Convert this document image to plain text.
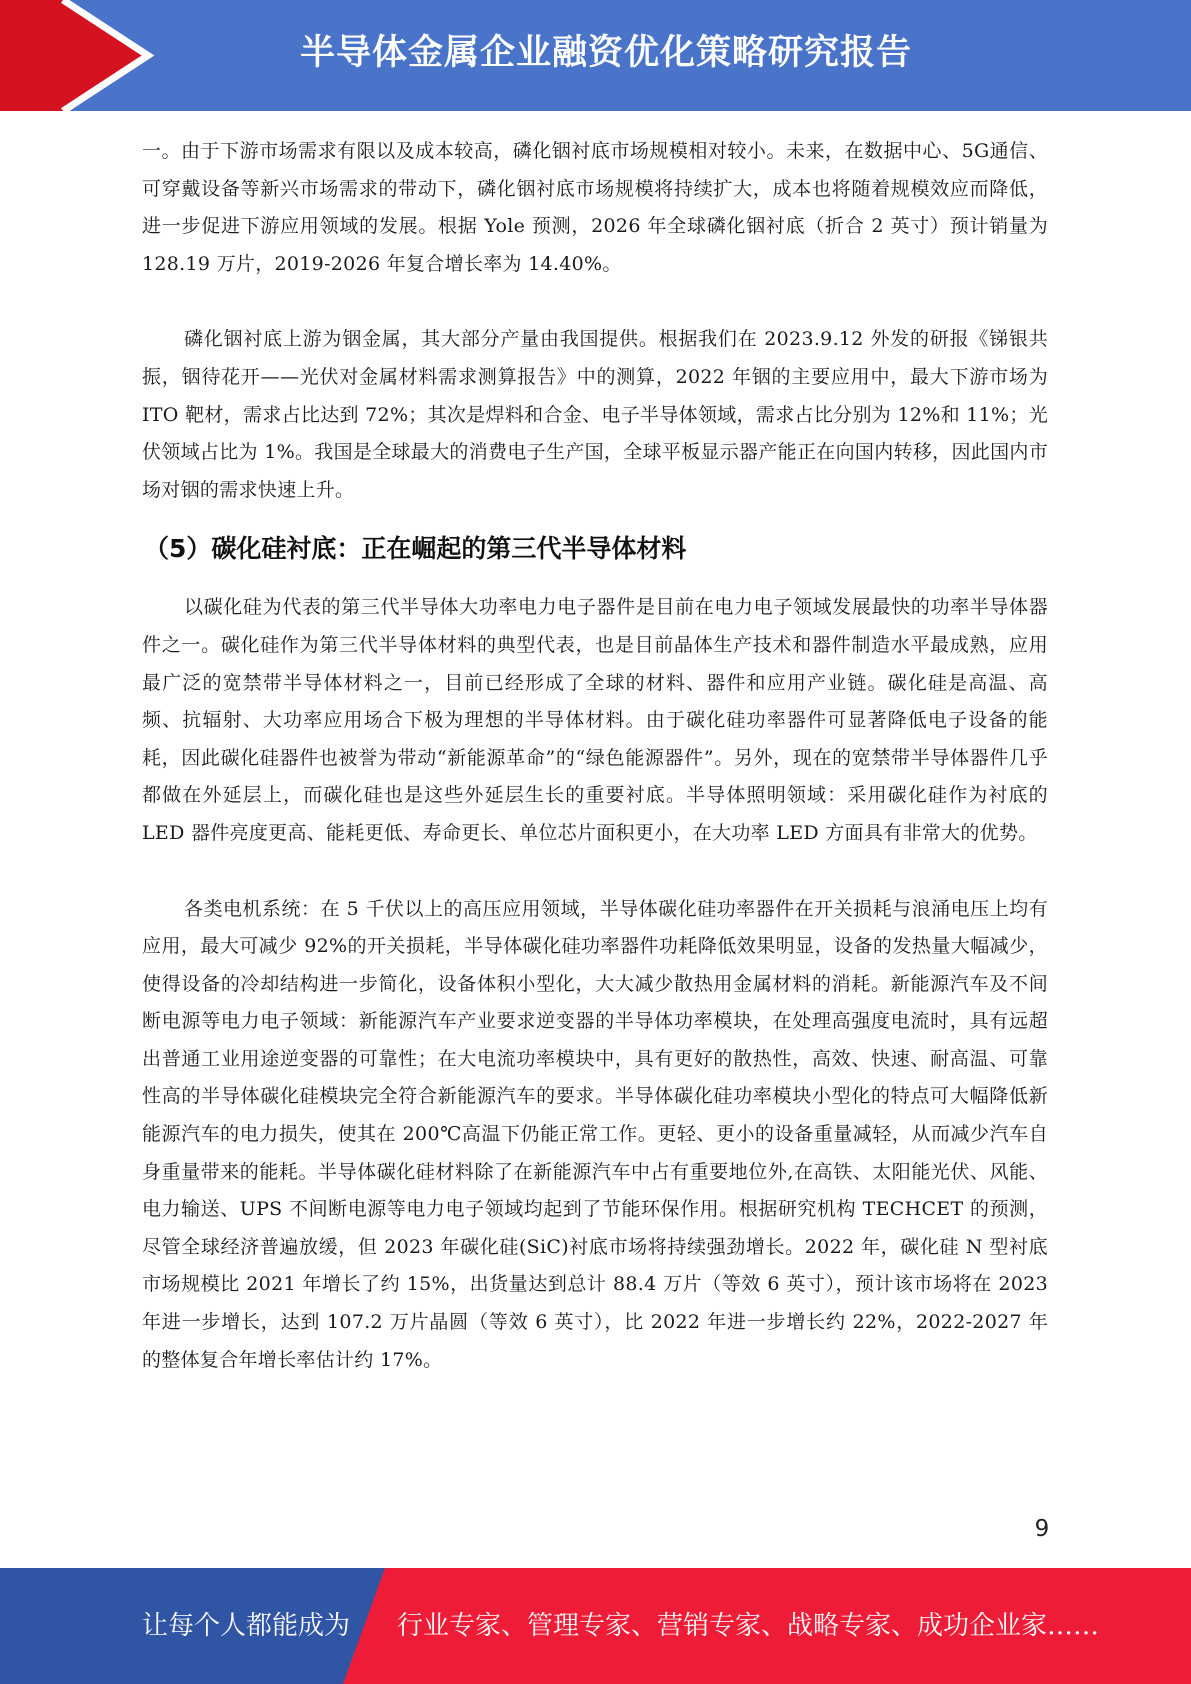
半导体金属企业融资优化策略研究报告

一。由于下游市场需求有限以及成本较高，磷化铟衬底市场规模相对较小。未来，在数据中心、5G通信、可穿戴设备等新兴市场需求的带动下，磷化铟衬底市场规模将持续扩大，成本也将随着规模效应而降低，进一步促进下游应用领域的发展。根据 Yole 预测，2026 年全球磷化铟衬底（折合 2 英寸）预计销量为 128.19 万片，2019-2026 年复合增长率为 14.40%。

磷化铟衬底上游为铟金属，其大部分产量由我国提供。根据我们在 2023.9.12 外发的研报《锑银共振，铟待花开——光伏对金属材料需求测算报告》中的测算，2022 年铟的主要应用中，最大下游市场为 ITO 靶材，需求占比达到 72%；其次是焊料和合金、电子半导体领域，需求占比分别为 12%和 11%；光伏领域占比为 1%。我国是全球最大的消费电子生产国，全球平板显示器产能正在向国内转移，因此国内市场对铟的需求快速上升。

（5）碳化硅衬底：正在崛起的第三代半导体材料

以碳化硅为代表的第三代半导体大功率电力电子器件是目前在电力电子领域发展最快的功率半导体器件之一。碳化硅作为第三代半导体材料的典型代表，也是目前晶体生产技术和器件制造水平最成熟，应用最广泛的宽禁带半导体材料之一，目前已经形成了全球的材料、器件和应用产业链。碳化硅是高温、高频、抗辐射、大功率应用场合下极为理想的半导体材料。由于碳化硅功率器件可显著降低电子设备的能耗，因此碳化硅器件也被誉为带动“新能源革命”的“绿色能源器件”。另外，现在的宽禁带半导体器件几乎都做在外延层上，而碳化硅也是这些外延层生长的重要衬底。半导体照明领域：采用碳化硅作为衬底的 LED 器件亮度更高、能耗更低、寿命更长、单位芯片面积更小，在大功率 LED 方面具有非常大的优势。

各类电机系统：在 5 千伏以上的高压应用领域，半导体碳化硅功率器件在开关损耗与浪涌电压上均有应用，最大可减少 92%的开关损耗，半导体碳化硅功率器件功耗降低效果明显，设备的发热量大幅减少，使得设备的冷却结构进一步简化，设备体积小型化，大大减少散热用金属材料的消耗。新能源汽车及不间断电源等电力电子领域：新能源汽车产业要求逆变器的半导体功率模块，在处理高强度电流时，具有远超出普通工业用途逆变器的可靠性；在大电流功率模块中，具有更好的散热性，高效、快速、耐高温、可靠性高的半导体碳化硅模块完全符合新能源汽车的要求。半导体碳化硅功率模块小型化的特点可大幅降低新能源汽车的电力损失，使其在 200℃高温下仍能正常工作。更轻、更小的设备重量减轻，从而减少汽车自身重量带来的能耗。半导体碳化硅材料除了在新能源汽车中占有重要地位外,在高铁、太阳能光伏、风能、电力输送、UPS 不间断电源等电力电子领域均起到了节能环保作用。根据研究机构 TECHCET 的预测，尽管全球经济普遍放缓，但 2023 年碳化硅(SiC)衬底市场将持续强劲增长。2022 年，碳化硅 N 型衬底市场规模比 2021 年增长了约 15%，出货量达到总计 88.4 万片（等效 6 英寸），预计该市场将在 2023 年进一步增长，达到 107.2 万片晶圆（等效 6 英寸），比 2022 年进一步增长约 22%，2022-2027 年的整体复合年增长率估计约 17%。

9
让每个人都能成为 行业专家、管理专家、营销专家、战略专家、成功企业家……
